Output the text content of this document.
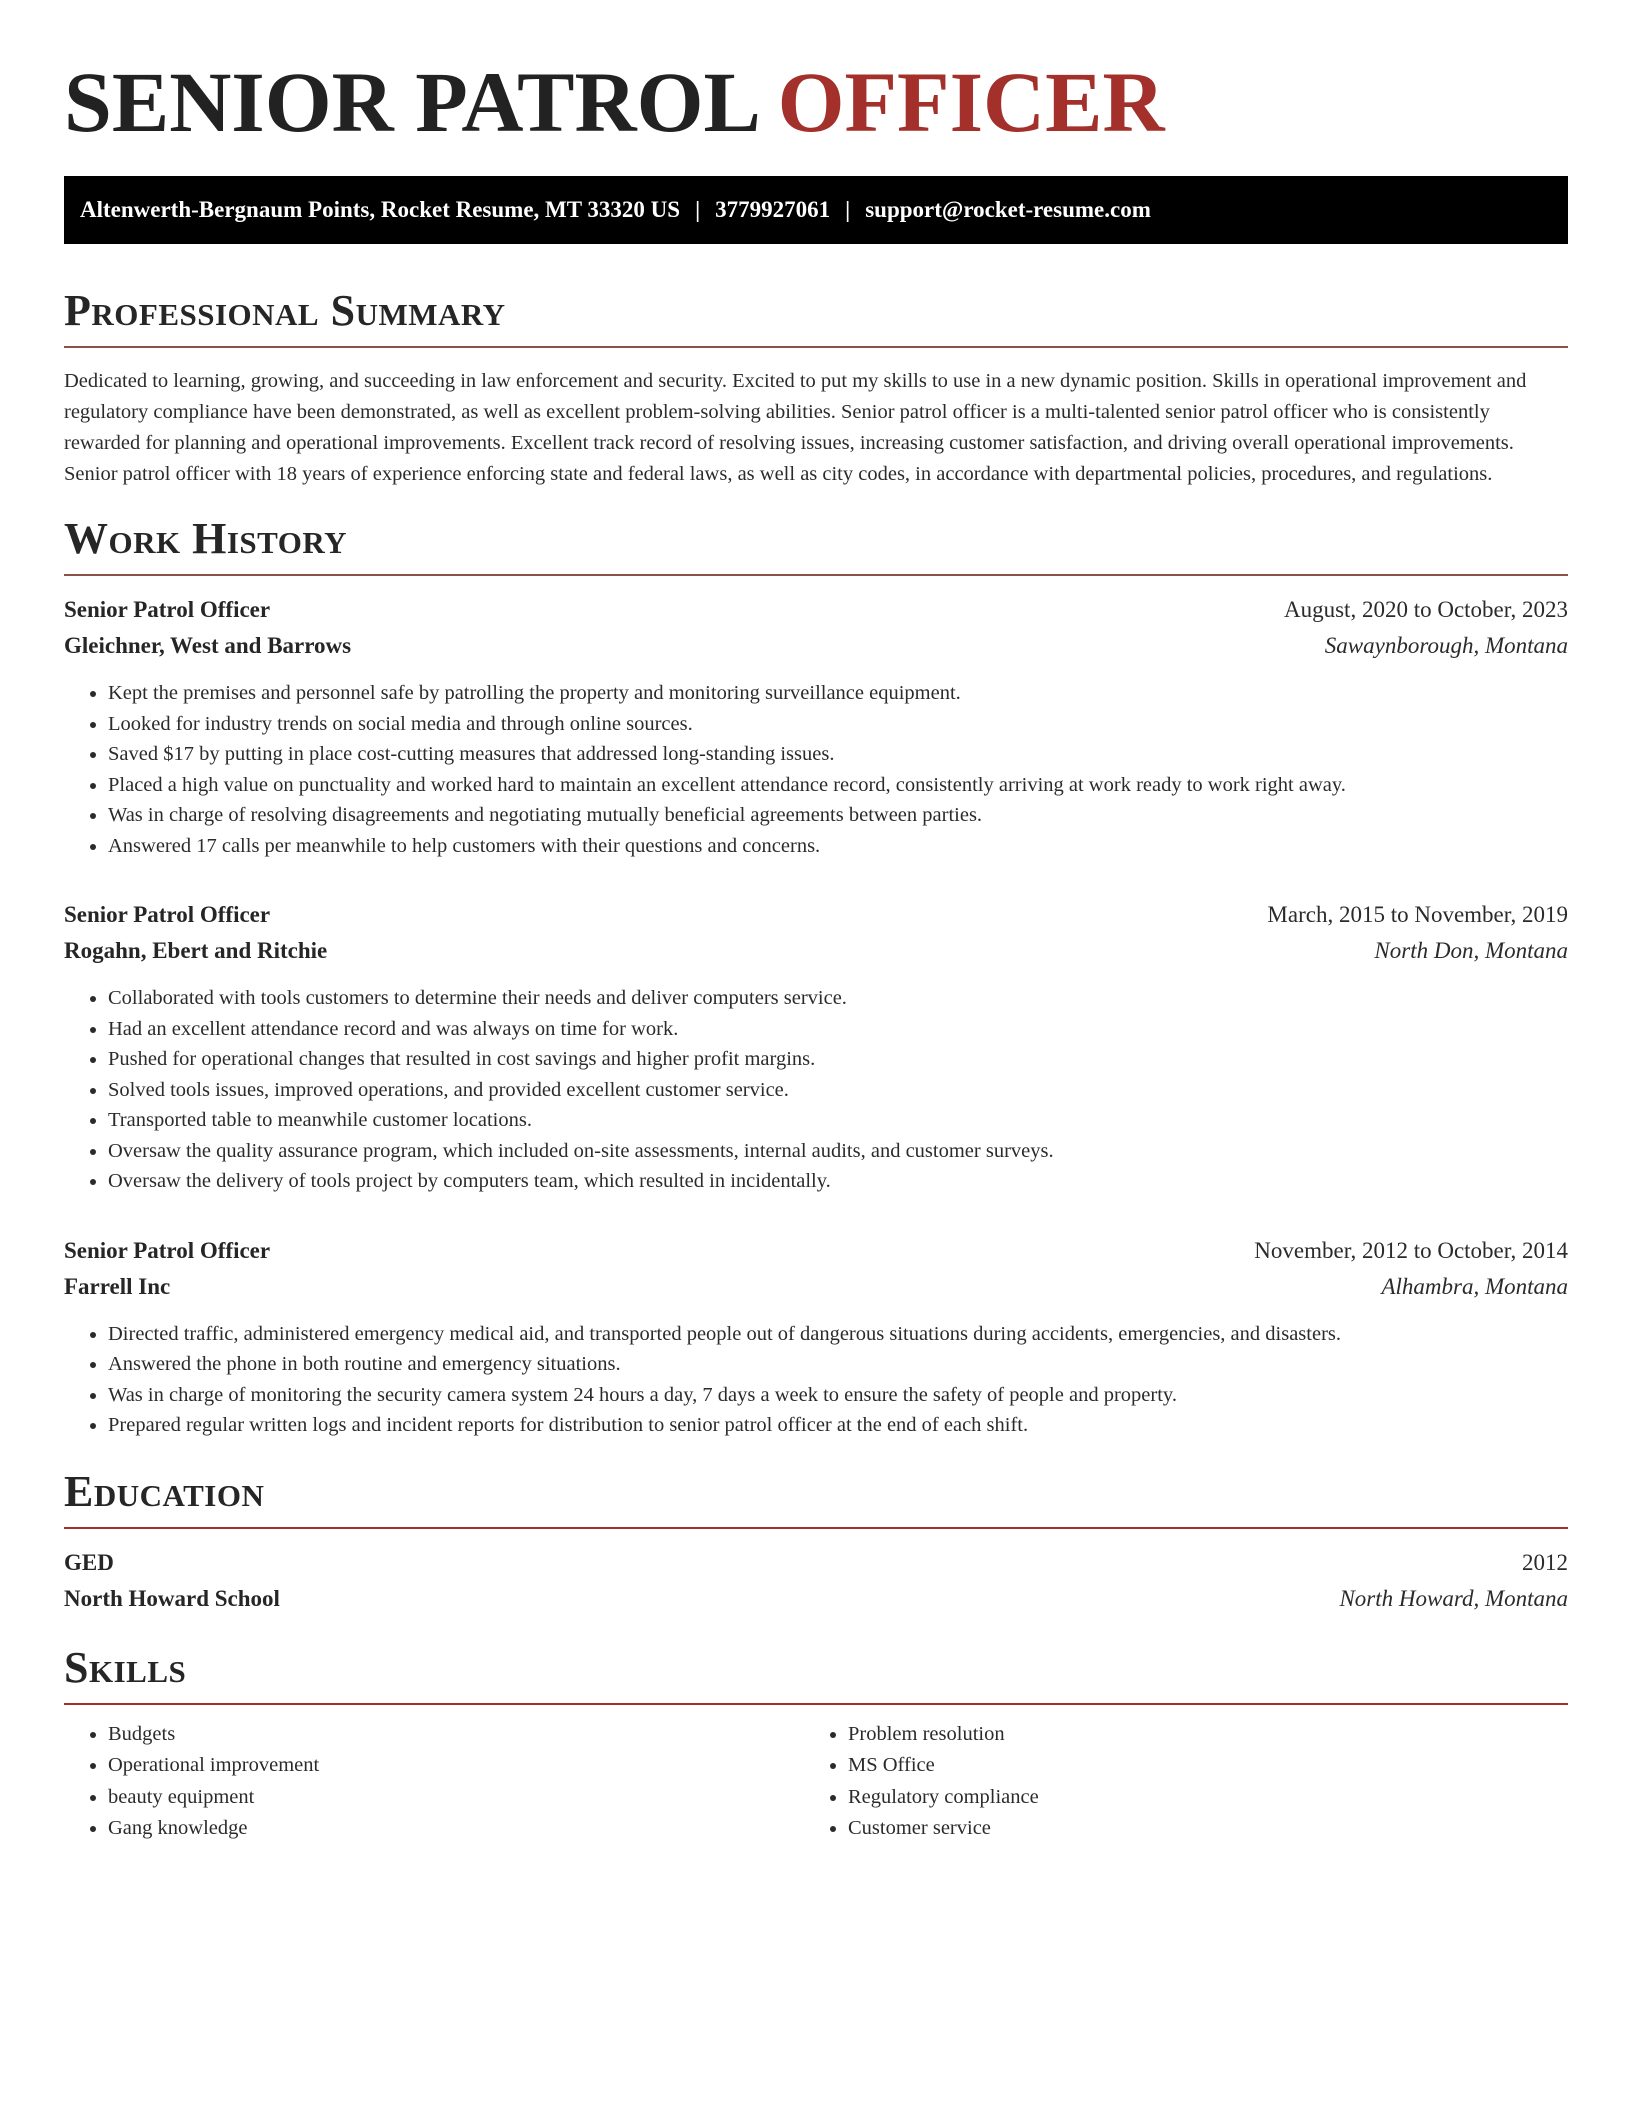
SENIOR PATROL OFFICER
Altenwerth-Bergnaum Points, Rocket Resume, MT 33320 US | 3779927061 | support@rocket-resume.com
Professional Summary

Dedicated to learning, growing, and succeeding in law enforcement and security. Excited to put my skills to use in a new dynamic position. Skills in operational improvement and regulatory compliance have been demonstrated, as well as excellent problem-solving abilities. Senior patrol officer is a multi-talented senior patrol officer who is consistently rewarded for planning and operational improvements. Excellent track record of resolving issues, increasing customer satisfaction, and driving overall operational improvements. Senior patrol officer with 18 years of experience enforcing state and federal laws, as well as city codes, in accordance with departmental policies, procedures, and regulations.

Work History
Senior Patrol Officer	August, 2020 to October, 2023
Gleichner, West and Barrows	Sawaynborough, Montana
• Kept the premises and personnel safe by patrolling the property and monitoring surveillance equipment.
• Looked for industry trends on social media and through online sources.
• Saved $17 by putting in place cost-cutting measures that addressed long-standing issues.
• Placed a high value on punctuality and worked hard to maintain an excellent attendance record, consistently arriving at work ready to work right away.
• Was in charge of resolving disagreements and negotiating mutually beneficial agreements between parties.
• Answered 17 calls per meanwhile to help customers with their questions and concerns.
Senior Patrol Officer	March, 2015 to November, 2019
Rogahn, Ebert and Ritchie	North Don, Montana
• Collaborated with tools customers to determine their needs and deliver computers service.
• Had an excellent attendance record and was always on time for work.
• Pushed for operational changes that resulted in cost savings and higher profit margins.
• Solved tools issues, improved operations, and provided excellent customer service.
• Transported table to meanwhile customer locations.
• Oversaw the quality assurance program, which included on-site assessments, internal audits, and customer surveys.
• Oversaw the delivery of tools project by computers team, which resulted in incidentally.
Senior Patrol Officer	November, 2012 to October, 2014
Farrell Inc	Alhambra, Montana
• Directed traffic, administered emergency medical aid, and transported people out of dangerous situations during accidents, emergencies, and disasters.
• Answered the phone in both routine and emergency situations.
• Was in charge of monitoring the security camera system 24 hours a day, 7 days a week to ensure the safety of people and property.
• Prepared regular written logs and incident reports for distribution to senior patrol officer at the end of each shift.
Education
GED	2012
North Howard School	North Howard, Montana
Skills
• Budgets
• Operational improvement
• beauty equipment
• Gang knowledge
• Problem resolution
• MS Office
• Regulatory compliance
• Customer service
